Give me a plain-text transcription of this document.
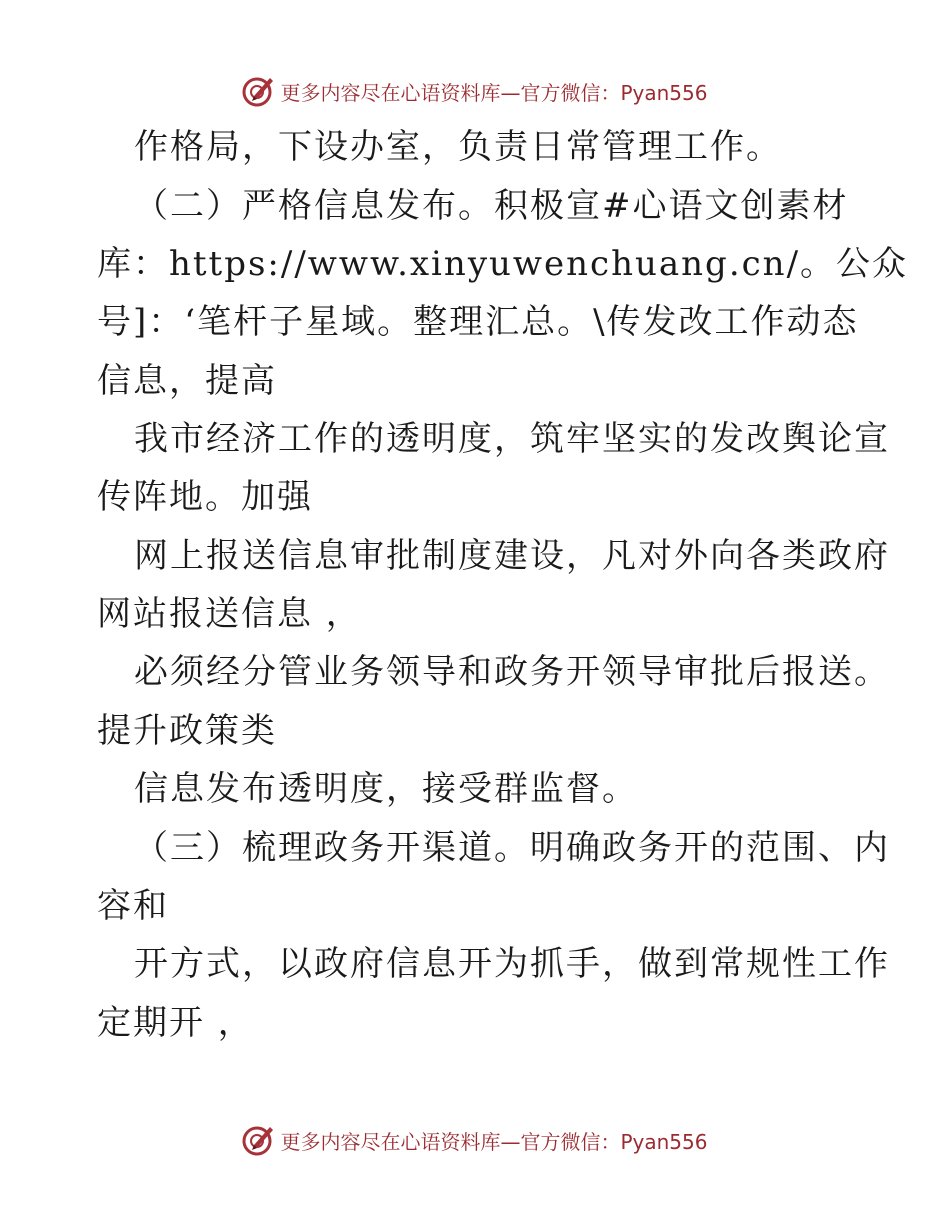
更多内容尽在心语资料库—官方微信：Pyan556
作格局，下设办室，负责日常管理工作。
（二）严格信息发布。积极宣#心语文创素材
库：https://www.xinyuwenchuang.cn/。公众
号]：‘笔杆子星域。整理汇总。\传发改工作动态
信息，提高
我市经济工作的透明度，筑牢坚实的发改舆论宣
传阵地。加强
网上报送信息审批制度建设，凡对外向各类政府
网站报送信息 ，
必须经分管业务领导和政务开领导审批后报送。
提升政策类
信息发布透明度，接受群监督。
（三）梳理政务开渠道。明确政务开的范围、内
容和
开方式，以政府信息开为抓手，做到常规性工作
定期开 ，
更多内容尽在心语资料库—官方微信：Pyan556
